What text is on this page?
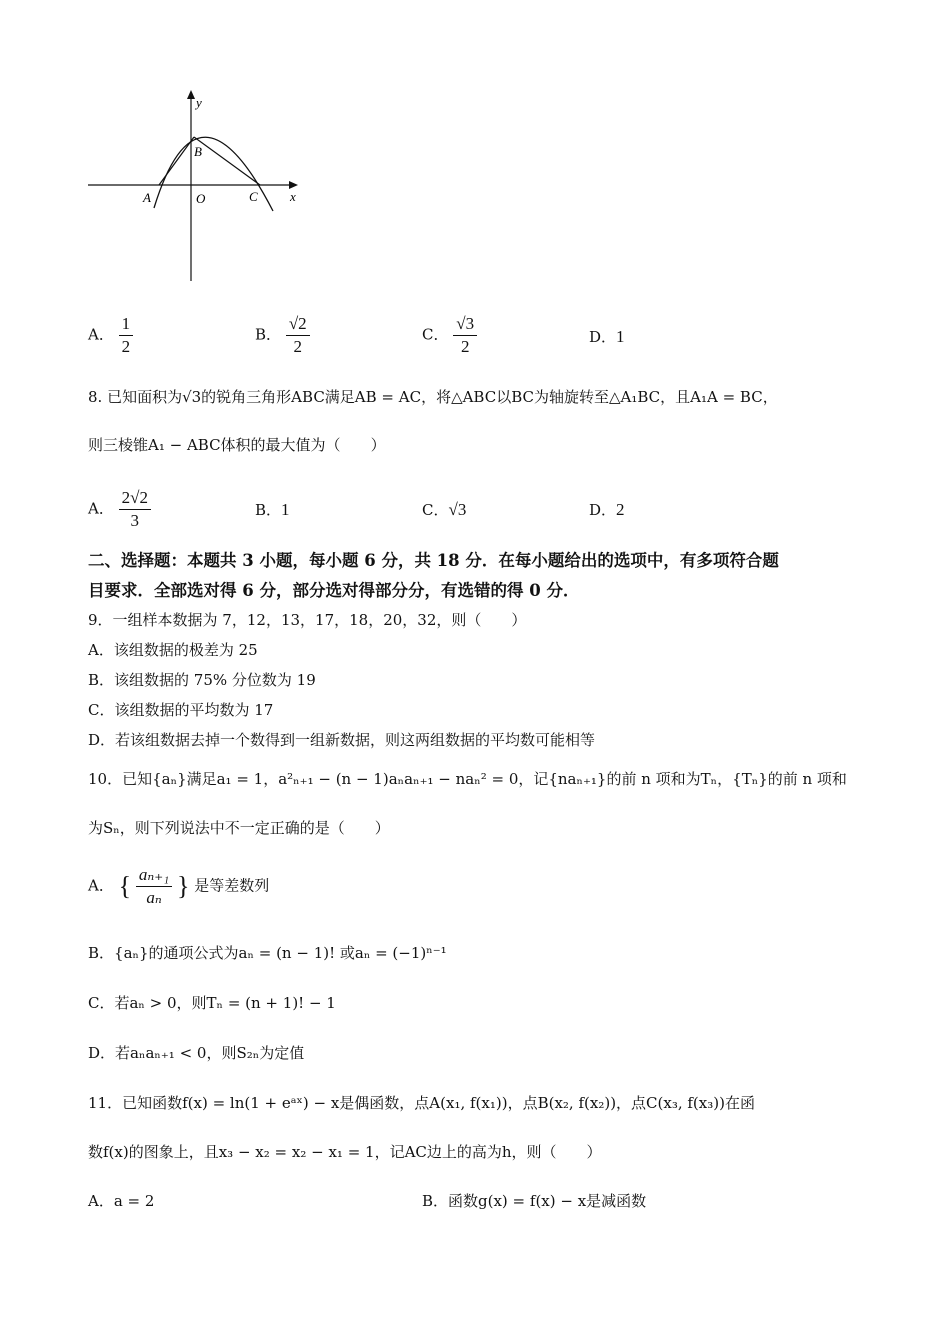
y
x
A	O
B
C
A． $\frac{1}{2}$	B． $\frac{√2}{2}$	C． $\frac{√3}{2}$	D．1
8. 已知面积为√3的锐角三角形ABC满足AB = AC，将△ABC以BC为轴旋转至△A₁BC，且A₁A = BC，
则三棱锥A₁ − ABC体积的最大值为（　　）
A． $\frac{2√2}{3}$	B．1	C．√3	D．2
二、选择题：本题共 3 小题，每小题 6 分，共 18 分．在每小题给出的选项中，有多项符合题
目要求．全部选对得 6 分，部分选对得部分分，有选错的得 0 分．
9．一组样本数据为 7，12，13，17，18，20，32，则（　　）
A．该组数据的极差为 25
B．该组数据的 75% 分位数为 19
C．该组数据的平均数为 17
D．若该组数据去掉一个数得到一组新数据，则这两组数据的平均数可能相等
10．已知{aₙ}满足a₁ = 1，a²ₙ₊₁ − (n − 1)aₙaₙ₊₁ − naₙ² = 0，记{naₙ₊₁}的前 n 项和为Tₙ，{Tₙ}的前 n 项和
为Sₙ，则下列说法中不一定正确的是（　　）
A． { $\frac{\text{aₙ₊₁}}{\text{aₙ}}$ } 是等差数列
B．{aₙ}的通项公式为aₙ = (n − 1)! 或aₙ = (−1)ⁿ⁻¹
C．若aₙ > 0，则Tₙ = (n + 1)! − 1
D．若aₙaₙ₊₁ < 0，则S₂ₙ为定值
11．已知函数f(x) = ln(1 + eᵃˣ) − x是偶函数，点A(x₁, f(x₁))，点B(x₂, f(x₂))，点C(x₃, f(x₃))在函
数f(x)的图象上，且x₃ − x₂ = x₂ − x₁ = 1，记AC边上的高为h，则（　　）
A．a = 2	B．函数g(x) = f(x) − x是减函数
